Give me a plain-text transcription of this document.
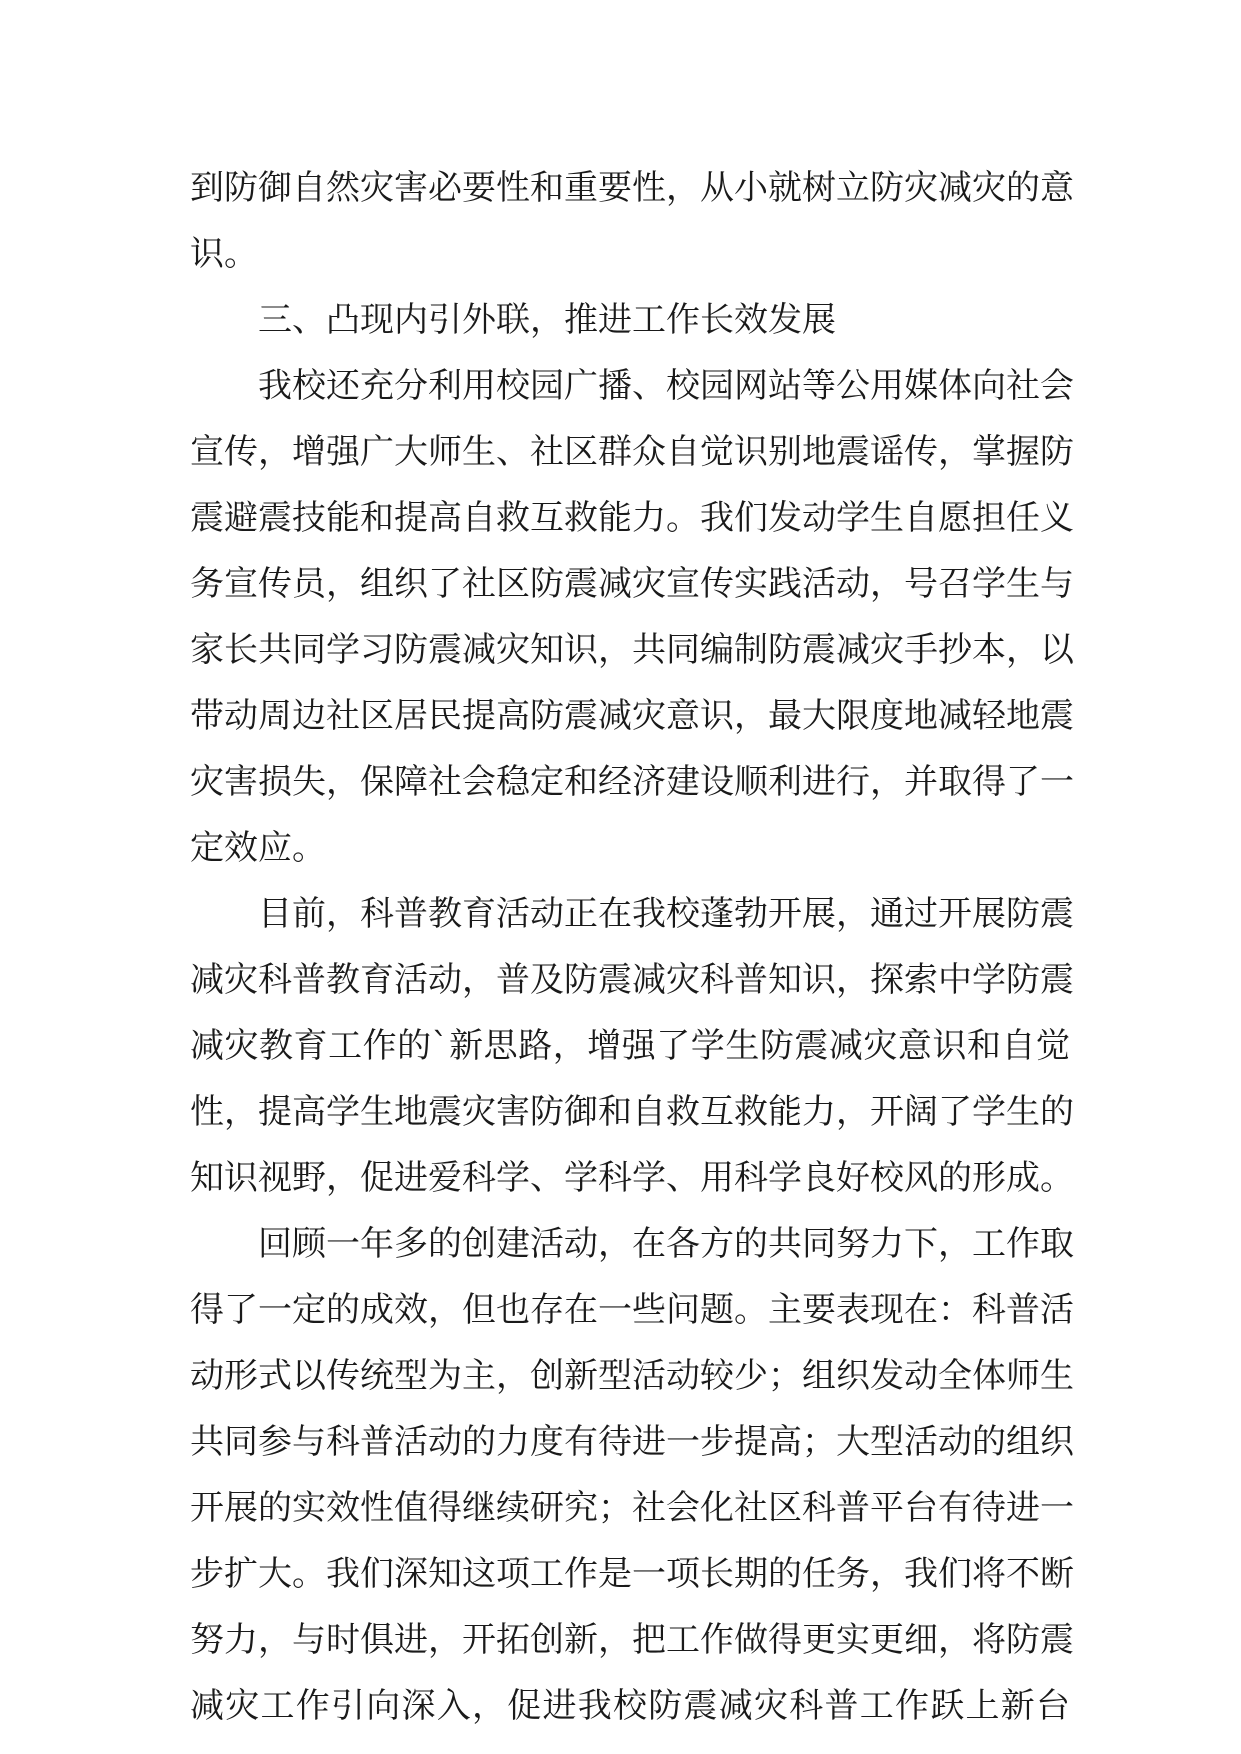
到防御自然灾害必要性和重要性，从小就树立防灾减灾的意
识。
三、凸现内引外联，推进工作长效发展
我校还充分利用校园广播、校园网站等公用媒体向社会
宣传，增强广大师生、社区群众自觉识别地震谣传，掌握防
震避震技能和提高自救互救能力。我们发动学生自愿担任义
务宣传员，组织了社区防震减灾宣传实践活动，号召学生与
家长共同学习防震减灾知识，共同编制防震减灾手抄本，以
带动周边社区居民提高防震减灾意识，最大限度地减轻地震
灾害损失，保障社会稳定和经济建设顺利进行，并取得了一
定效应。
目前，科普教育活动正在我校蓬勃开展，通过开展防震
减灾科普教育活动，普及防震减灾科普知识，探索中学防震
减灾教育工作的`新思路，增强了学生防震减灾意识和自觉
性，提高学生地震灾害防御和自救互救能力，开阔了学生的
知识视野，促进爱科学、学科学、用科学良好校风的形成。
回顾一年多的创建活动，在各方的共同努力下，工作取
得了一定的成效，但也存在一些问题。主要表现在：科普活
动形式以传统型为主，创新型活动较少；组织发动全体师生
共同参与科普活动的力度有待进一步提高；大型活动的组织
开展的实效性值得继续研究；社会化社区科普平台有待进一
步扩大。我们深知这项工作是一项长期的任务，我们将不断
努力，与时俱进，开拓创新，把工作做得更实更细，将防震
减灾工作引向深入，促进我校防震减灾科普工作跃上新台
